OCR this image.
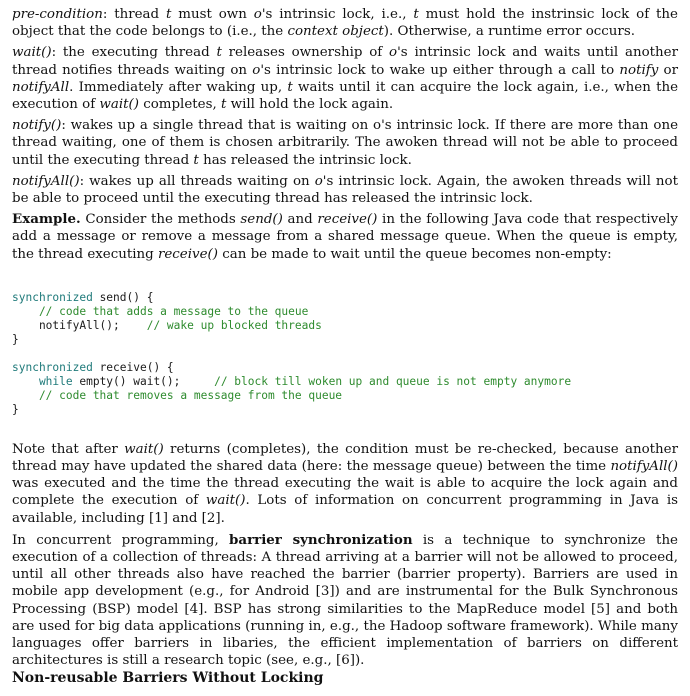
pre-condition: thread t must own o's intrinsic lock, i.e., t must hold the instrinsic lock of the object that the code belongs to (i.e., the context object). Otherwise, a runtime error occurs.

wait(): the executing thread t releases ownership of o's intrinsic lock and waits until another thread notifies threads waiting on o's intrinsic lock to wake up either through a call to notify or notifyAll. Immediately after waking up, t waits until it can acquire the lock again, i.e., when the execution of wait() completes, t will hold the lock again.

notify(): wakes up a single thread that is waiting on o's intrinsic lock. If there are more than one thread waiting, one of them is chosen arbitrarily. The awoken thread will not be able to proceed until the executing thread t has released the intrinsic lock.

notifyAll(): wakes up all threads waiting on o's intrinsic lock. Again, the awoken threads will not be able to proceed until the executing thread has released the intrinsic lock.

Example. Consider the methods send() and receive() in the following Java code that respectively add a message or remove a message from a shared message queue. When the queue is empty, the thread executing receive() can be made to wait until the queue becomes non-empty:

synchronized send() {
// code that adds a message to the queue
notifyAll();    // wake up blocked threads
}
synchronized receive() {
while empty() wait();     // block till woken up and queue is not empty anymore
// code that removes a message from the queue
}

Note that after wait() returns (completes), the condition must be re-checked, because another thread may have updated the shared data (here: the message queue) between the time notifyAll() was executed and the time the thread executing the wait is able to acquire the lock again and complete the execution of wait(). Lots of information on concurrent programming in Java is available, including [1] and [2].

In concurrent programming, barrier synchronization is a technique to synchronize the execution of a collection of threads: A thread arriving at a barrier will not be allowed to proceed, until all other threads also have reached the barrier (barrier property). Barriers are used in mobile app development (e.g., for Android [3]) and are instrumental for the Bulk Synchronous Processing (BSP) model [4]. BSP has strong similarities to the MapReduce model [5] and both are used for big data applications (running in, e.g., the Hadoop software framework). While many languages offer barriers in libaries, the efficient implementation of barriers on different architectures is still a research topic (see, e.g., [6]).

Non-reusable Barriers Without Locking
